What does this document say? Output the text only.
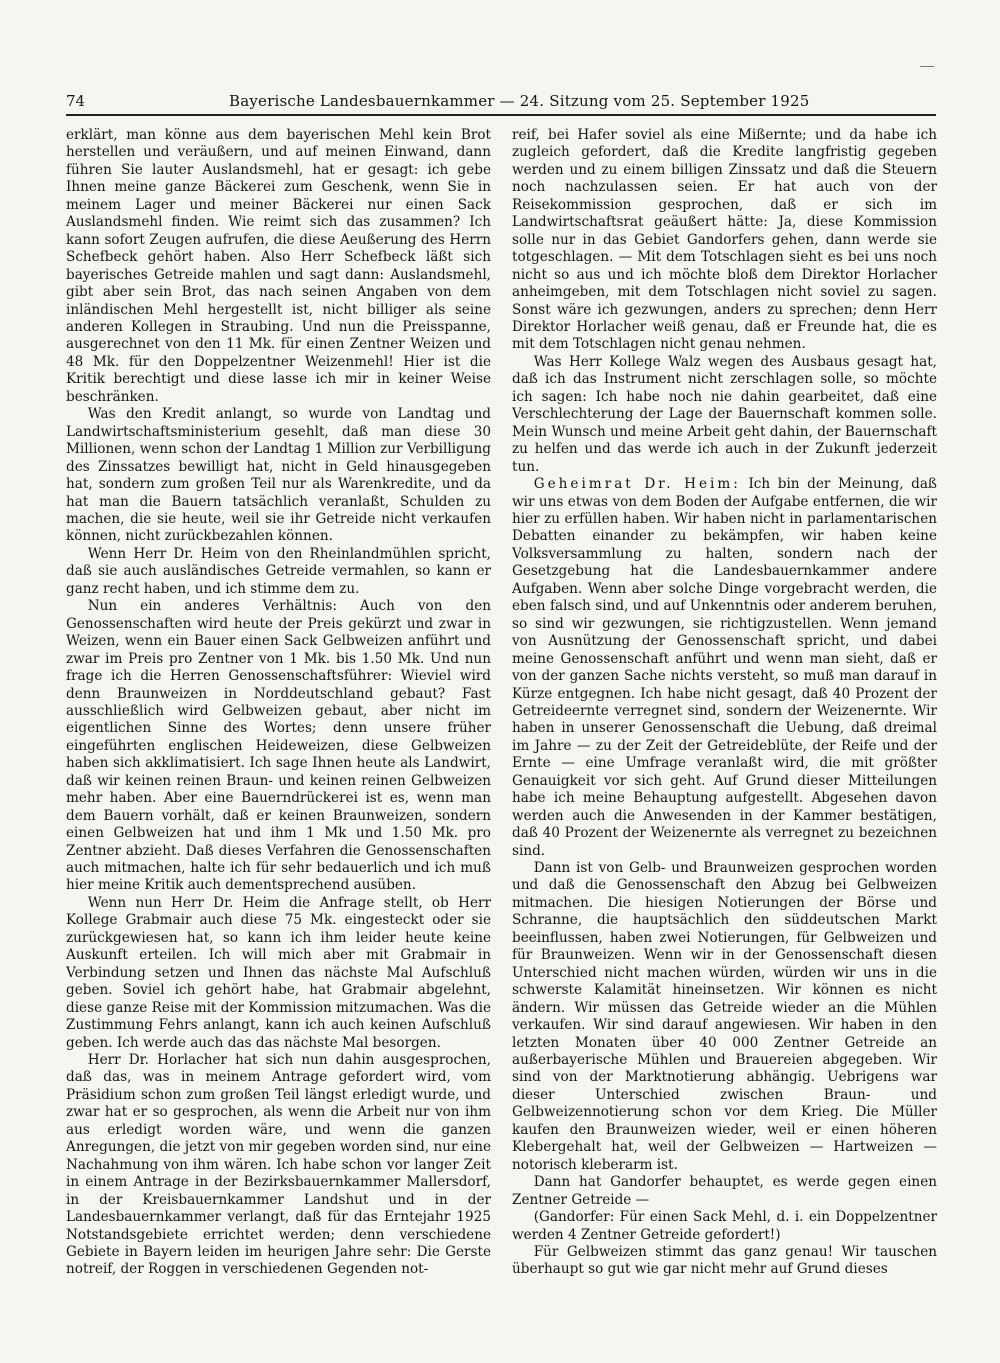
74	Bayerische Landesbauernkammer — 24. Sitzung vom 25. September 1925

erklärt, man könne aus dem bayerischen Mehl kein Brot herstellen und veräußern, und auf meinen Einwand, dann führen Sie lauter Auslandsmehl, hat er gesagt: ich gebe Ihnen meine ganze Bäckerei zum Geschenk, wenn Sie in meinem Lager und meiner Bäckerei nur einen Sack Auslandsmehl finden. Wie reimt sich das zusammen? Ich kann sofort Zeugen aufrufen, die diese Aeußerung des Herrn Schefbeck gehört haben. Also Herr Schefbeck läßt sich bayerisches Getreide mahlen und sagt dann: Auslandsmehl, gibt aber sein Brot, das nach seinen Angaben von dem inländischen Mehl hergestellt ist, nicht billiger als seine anderen Kollegen in Straubing. Und nun die Preisspanne, ausgerechnet von den 11 Mk. für einen Zentner Weizen und 48 Mk. für den Doppelzentner Weizenmehl! Hier ist die Kritik berechtigt und diese lasse ich mir in keiner Weise beschränken.

Was den Kredit anlangt, so wurde von Landtag und Landwirtschaftsministerium gesehlt, daß man diese 30 Millionen, wenn schon der Landtag 1 Million zur Verbilligung des Zinssatzes bewilligt hat, nicht in Geld hinausgegeben hat, sondern zum großen Teil nur als Warenkredite, und da hat man die Bauern tatsächlich veranlaßt, Schulden zu machen, die sie heute, weil sie ihr Getreide nicht verkaufen können, nicht zurückbezahlen können.

Wenn Herr Dr. Heim von den Rheinlandmühlen spricht, daß sie auch ausländisches Getreide vermahlen, so kann er ganz recht haben, und ich stimme dem zu.

Nun ein anderes Verhältnis: Auch von den Genossenschaften wird heute der Preis gekürzt und zwar in Weizen, wenn ein Bauer einen Sack Gelbweizen anführt und zwar im Preis pro Zentner von 1 Mk. bis 1.50 Mk. Und nun frage ich die Herren Genossenschaftsführer: Wieviel wird denn Braunweizen in Norddeutschland gebaut? Fast ausschließlich wird Gelbweizen gebaut, aber nicht im eigentlichen Sinne des Wortes; denn unsere früher eingeführten englischen Heideweizen, diese Gelbweizen haben sich akklimatisiert. Ich sage Ihnen heute als Landwirt, daß wir keinen reinen Braun- und keinen reinen Gelbweizen mehr haben. Aber eine Bauerndrückerei ist es, wenn man dem Bauern vorhält, daß er keinen Braunweizen, sondern einen Gelbweizen hat und ihm 1 Mk und 1.50 Mk. pro Zentner abzieht. Daß dieses Verfahren die Genossenschaften auch mitmachen, halte ich für sehr bedauerlich und ich muß hier meine Kritik auch dementsprechend ausüben.

Wenn nun Herr Dr. Heim die Anfrage stellt, ob Herr Kollege Grabmair auch diese 75 Mk. eingesteckt oder sie zurückgewiesen hat, so kann ich ihm leider heute keine Auskunft erteilen. Ich will mich aber mit Grabmair in Verbindung setzen und Ihnen das nächste Mal Aufschluß geben. Soviel ich gehört habe, hat Grabmair abgelehnt, diese ganze Reise mit der Kommission mitzumachen. Was die Zustimmung Fehrs anlangt, kann ich auch keinen Aufschluß geben. Ich werde auch das das nächste Mal besorgen.

Herr Dr. Horlacher hat sich nun dahin ausgesprochen, daß das, was in meinem Antrage gefordert wird, vom Präsidium schon zum großen Teil längst erledigt wurde, und zwar hat er so gesprochen, als wenn die Arbeit nur von ihm aus erledigt worden wäre, und wenn die ganzen Anregungen, die jetzt von mir gegeben worden sind, nur eine Nachahmung von ihm wären. Ich habe schon vor langer Zeit in einem Antrage in der Bezirksbauernkammer Mallersdorf, in der Kreisbauernkammer Landshut und in der Landesbauernkammer verlangt, daß für das Erntejahr 1925 Notstandsgebiete errichtet werden; denn verschiedene Gebiete in Bayern leiden im heurigen Jahre sehr: Die Gerste notreif, der Roggen in verschiedenen Gegenden not-

reif, bei Hafer soviel als eine Mißernte; und da habe ich zugleich gefordert, daß die Kredite langfristig gegeben werden und zu einem billigen Zinssatz und daß die Steuern noch nachzulassen seien. Er hat auch von der Reisekommission gesprochen, daß er sich im Landwirtschaftsrat geäußert hätte: Ja, diese Kommission solle nur in das Gebiet Gandorfers gehen, dann werde sie totgeschlagen. — Mit dem Totschlagen sieht es bei uns noch nicht so aus und ich möchte bloß dem Direktor Horlacher anheimgeben, mit dem Totschlagen nicht soviel zu sagen. Sonst wäre ich gezwungen, anders zu sprechen; denn Herr Direktor Horlacher weiß genau, daß er Freunde hat, die es mit dem Totschlagen nicht genau nehmen.

Was Herr Kollege Walz wegen des Ausbaus gesagt hat, daß ich das Instrument nicht zerschlagen solle, so möchte ich sagen: Ich habe noch nie dahin gearbeitet, daß eine Verschlechterung der Lage der Bauernschaft kommen solle. Mein Wunsch und meine Arbeit geht dahin, der Bauernschaft zu helfen und das werde ich auch in der Zukunft jederzeit tun.

Geheimrat Dr. Heim: Ich bin der Meinung, daß wir uns etwas von dem Boden der Aufgabe entfernen, die wir hier zu erfüllen haben. Wir haben nicht in parlamentarischen Debatten einander zu bekämpfen, wir haben keine Volksversammlung zu halten, sondern nach der Gesetzgebung hat die Landesbauernkammer andere Aufgaben. Wenn aber solche Dinge vorgebracht werden, die eben falsch sind, und auf Unkenntnis oder anderem beruhen, so sind wir gezwungen, sie richtigzustellen. Wenn jemand von Ausnützung der Genossenschaft spricht, und dabei meine Genossenschaft anführt und wenn man sieht, daß er von der ganzen Sache nichts versteht, so muß man darauf in Kürze entgegnen. Ich habe nicht gesagt, daß 40 Prozent der Getreideernte verregnet sind, sondern der Weizenernte. Wir haben in unserer Genossenschaft die Uebung, daß dreimal im Jahre — zu der Zeit der Getreideblüte, der Reife und der Ernte — eine Umfrage veranlaßt wird, die mit größter Genauigkeit vor sich geht. Auf Grund dieser Mitteilungen habe ich meine Behauptung aufgestellt. Abgesehen davon werden auch die Anwesenden in der Kammer bestätigen, daß 40 Prozent der Weizenernte als verregnet zu bezeichnen sind.

Dann ist von Gelb- und Braunweizen gesprochen worden und daß die Genossenschaft den Abzug bei Gelbweizen mitmachen. Die hiesigen Notierungen der Börse und Schranne, die hauptsächlich den süddeutschen Markt beeinflussen, haben zwei Notierungen, für Gelbweizen und für Braunweizen. Wenn wir in der Genossenschaft diesen Unterschied nicht machen würden, würden wir uns in die schwerste Kalamität hineinsetzen. Wir können es nicht ändern. Wir müssen das Getreide wieder an die Mühlen verkaufen. Wir sind darauf angewiesen. Wir haben in den letzten Monaten über 40 000 Zentner Getreide an außerbayerische Mühlen und Brauereien abgegeben. Wir sind von der Marktnotierung abhängig. Uebrigens war dieser Unterschied zwischen Braun- und Gelbweizennotierung schon vor dem Krieg. Die Müller kaufen den Braunweizen wieder, weil er einen höheren Klebergehalt hat, weil der Gelbweizen — Hartweizen — notorisch kleberarm ist.

Dann hat Gandorfer behauptet, es werde gegen einen Zentner Getreide —

(Gandorfer: Für einen Sack Mehl, d. i. ein Doppelzentner werden 4 Zentner Getreide gefordert!)

Für Gelbweizen stimmt das ganz genau! Wir tauschen überhaupt so gut wie gar nicht mehr auf Grund dieses
